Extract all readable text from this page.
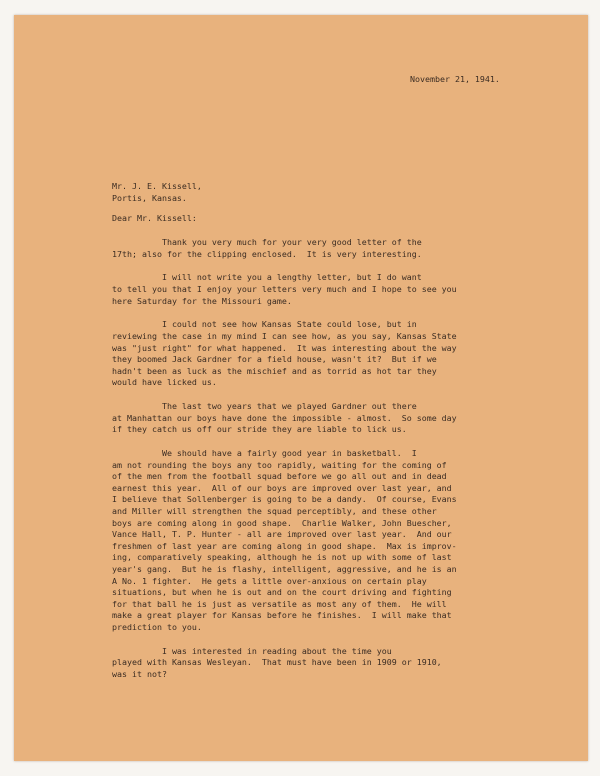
November 21, 1941.
Mr. J. E. Kissell,
Portis, Kansas.
Dear Mr. Kissell:
Thank you very much for your very good letter of the
17th; also for the clipping enclosed.  It is very interesting.
I will not write you a lengthy letter, but I do want
to tell you that I enjoy your letters very much and I hope to see you
here Saturday for the Missouri game.
I could not see how Kansas State could lose, but in
reviewing the case in my mind I can see how, as you say, Kansas State
was "just right" for what happened.  It was interesting about the way
they boomed Jack Gardner for a field house, wasn't it?  But if we
hadn't been as luck as the mischief and as torrid as hot tar they
would have licked us.
The last two years that we played Gardner out there
at Manhattan our boys have done the impossible - almost.  So some day
if they catch us off our stride they are liable to lick us.
We should have a fairly good year in basketball.  I
am not rounding the boys any too rapidly, waiting for the coming of
of the men from the football squad before we go all out and in dead
earnest this year.  All of our boys are improved over last year, and
I believe that Sollenberger is going to be a dandy.  Of course, Evans
and Miller will strengthen the squad perceptibly, and these other
boys are coming along in good shape.  Charlie Walker, John Buescher,
Vance Hall, T. P. Hunter - all are improved over last year.  And our
freshmen of last year are coming along in good shape.  Max is improv-
ing, comparatively speaking, although he is not up with some of last
year's gang.  But he is flashy, intelligent, aggressive, and he is an
A No. 1 fighter.  He gets a little over-anxious on certain play
situations, but when he is out and on the court driving and fighting
for that ball he is just as versatile as most any of them.  He will
make a great player for Kansas before he finishes.  I will make that
prediction to you.
I was interested in reading about the time you
played with Kansas Wesleyan.  That must have been in 1909 or 1910,
was it not?
